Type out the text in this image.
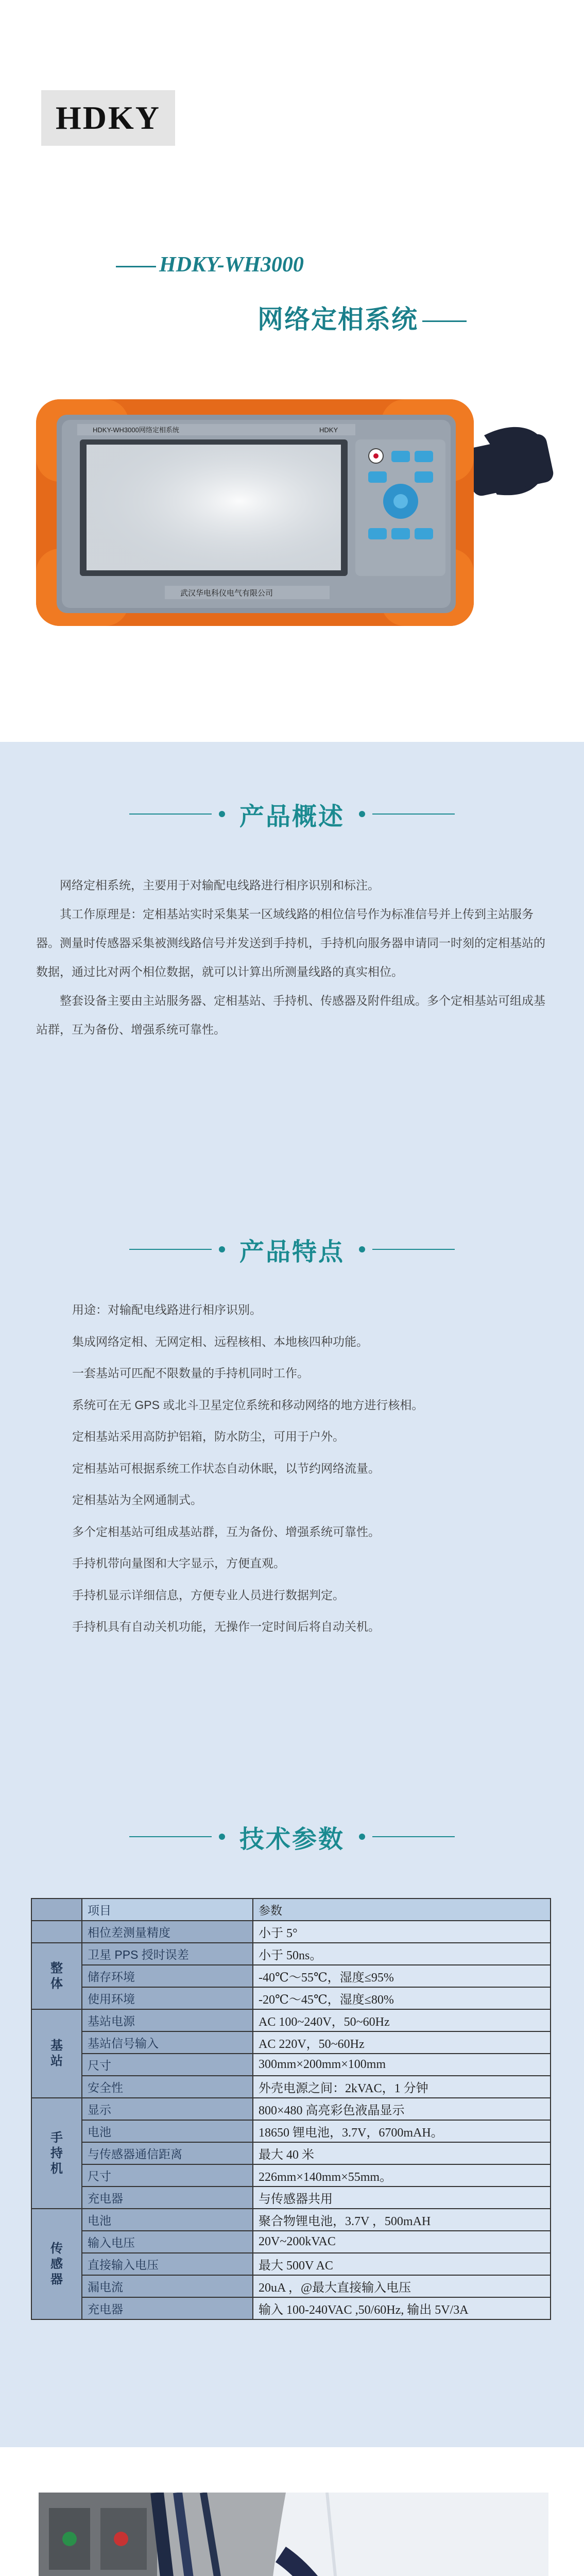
HDKY
HDKY-WH3000
网络定相系统
HDKY-WH3000网络定相系统	HDKY
武汉华电科仪电气有限公司
产品概述

网络定相系统，主要用于对输配电线路进行相序识别和标注。

其工作原理是：定相基站实时采集某一区域线路的相位信号作为标准信号并上传到主站服务器。测量时传感器采集被测线路信号并发送到手持机，手持机向服务器申请同一时刻的定相基站的数据，通过比对两个相位数据，就可以计算出所测量线路的真实相位。

整套设备主要由主站服务器、定相基站、手持机、传感器及附件组成。多个定相基站可组成基站群，互为备份、增强系统可靠性。

产品特点
用途：对输配电线路进行相序识别。
集成网络定相、无网定相、远程核相、本地核四种功能。
一套基站可匹配不限数量的手持机同时工作。
系统可在无 GPS 或北斗卫星定位系统和移动网络的地方进行核相。
定相基站采用高防护铝箱，防水防尘，可用于户外。
定相基站可根据系统工作状态自动休眠，以节约网络流量。
定相基站为全网通制式。
多个定相基站可组成基站群，互为备份、增强系统可靠性。
手持机带向量图和大字显示，方便直观。
手持机显示详细信息，方便专业人员进行数据判定。
手持机具有自动关机功能，无操作一定时间后将自动关机。
技术参数
	项目	参数
	相位差测量精度	小于 5°
整体	卫星 PPS 授时误差	小于 50ns。
	储存环境	-40℃～55℃，湿度≤95%
	使用环境	-20℃～45℃，湿度≤80%
基站	基站电源	AC 100~240V，50~60Hz
	基站信号输入	AC 220V，50~60Hz
	尺寸	300mm×200mm×100mm
	安全性	外壳电源之间：2kVAC，1 分钟
手持机	显示	800×480 高亮彩色液晶显示
	电池	18650 锂电池，3.7V，6700mAH。
	与传感器通信距离	最大 40 米
	尺寸	226mm×140mm×55mm。
	充电器	与传感器共用
传感器	电池	聚合物锂电池，3.7V ，500mAH
	输入电压	20V~200kVAC
	直接输入电压	最大 500V AC
	漏电流	20uA ，@最大直接输入电压
	充电器	输入 100-240VAC ,50/60Hz, 输出 5V/3A
